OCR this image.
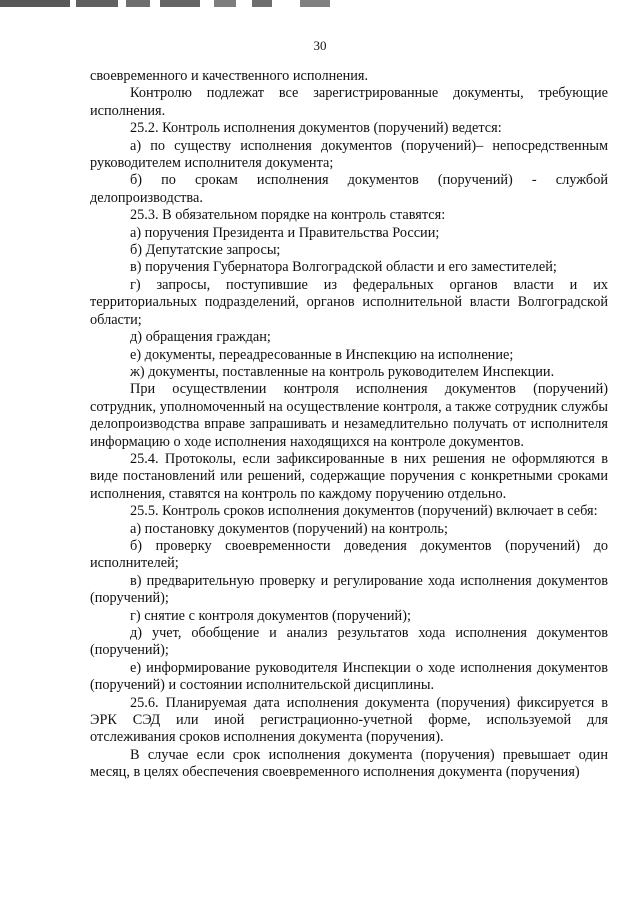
30

своевременного и качественного исполнения.

Контролю подлежат все зарегистрированные документы, требующие исполнения.

25.2. Контроль исполнения документов (поручений) ведется:

а) по существу исполнения документов (поручений)– непосредственным руководителем исполнителя документа;

б) по срокам исполнения документов (поручений) - службой делопроизводства.

25.3. В обязательном порядке на контроль ставятся:

а) поручения Президента и Правительства России;

б) Депутатские запросы;

в) поручения Губернатора Волгоградской области и его заместителей;

г) запросы, поступившие из федеральных органов власти и их территориальных подразделений, органов исполнительной власти Волгоградской области;

д) обращения граждан;

е) документы, переадресованные в Инспекцию на исполнение;

ж) документы, поставленные на контроль руководителем Инспекции.

При осуществлении контроля исполнения документов (поручений) сотрудник, уполномоченный на осуществление контроля, а также сотрудник службы делопроизводства вправе запрашивать и незамедлительно получать от исполнителя информацию о ходе исполнения находящихся на контроле документов.

25.4. Протоколы, если зафиксированные в них решения не оформляются в виде постановлений или решений, содержащие поручения с конкретными сроками исполнения, ставятся на контроль по каждому поручению отдельно.

25.5. Контроль сроков исполнения документов (поручений) включает в себя:

а) постановку документов (поручений) на контроль;

б) проверку своевременности доведения документов (поручений) до исполнителей;

в) предварительную проверку и регулирование хода исполнения документов (поручений);

г) снятие с контроля документов (поручений);

д) учет, обобщение и анализ результатов хода исполнения документов (поручений);

е) информирование руководителя Инспекции о ходе исполнения документов (поручений) и состоянии исполнительской дисциплины.

25.6. Планируемая дата исполнения документа (поручения) фиксируется в ЭРК СЭД или иной регистрационно-учетной форме, используемой для отслеживания сроков исполнения документа (поручения).

В случае если срок исполнения документа (поручения) превышает один месяц, в целях обеспечения своевременного исполнения документа (поручения)
